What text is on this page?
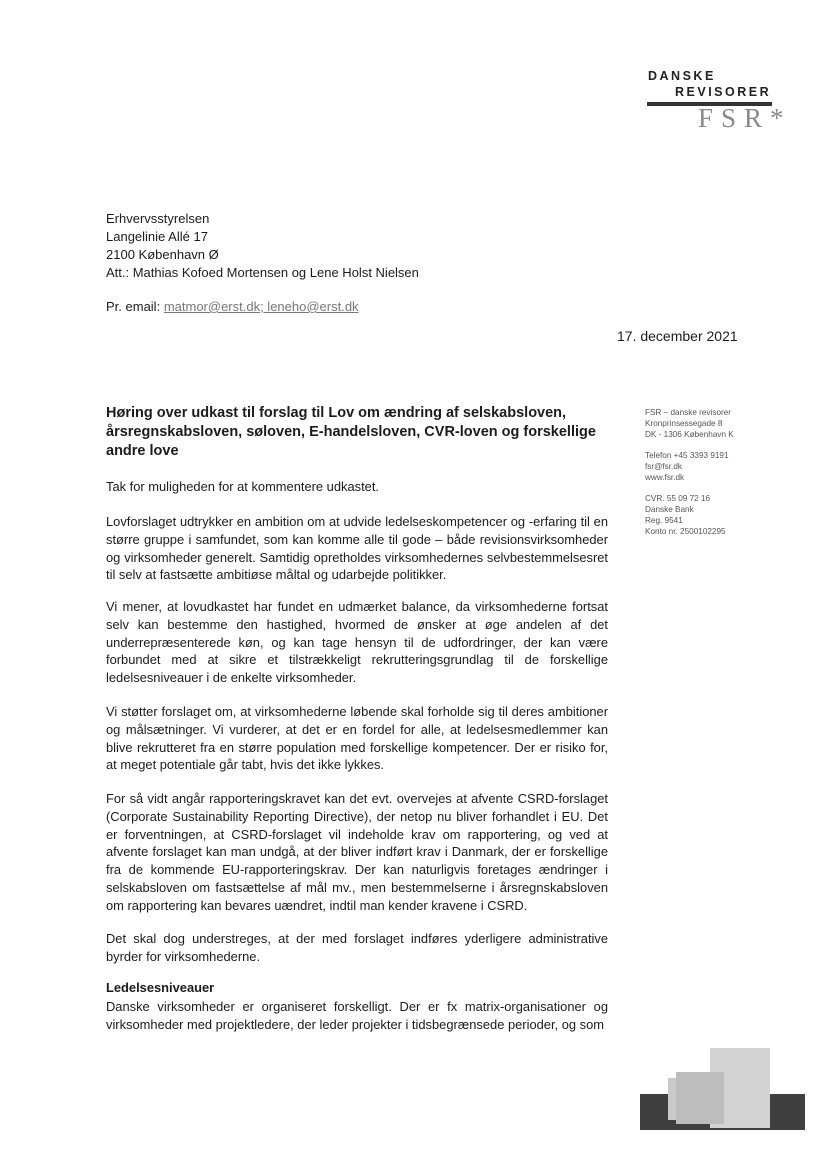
DANSKE
REVISORER
FSR*
Erhvervsstyrelsen
Langelinie Allé 17
2100 København Ø
Att.: Mathias Kofoed Mortensen og Lene Holst Nielsen
Pr. email: matmor@erst.dk; leneho@erst.dk
17. december 2021
FSR – danske revisorer
Kronprinsessegade 8
DK - 1306 København K
Telefon +45 3393 9191
fsr@fsr.dk
www.fsr.dk
CVR. 55 09 72 16
Danske Bank
Reg. 9541
Konto nr. 2500102295
Høring over udkast til forslag til Lov om ændring af selskabsloven, årsregnskabsloven, søloven, E-handelsloven, CVR-loven og forskellige andre love

Tak for muligheden for at kommentere udkastet.

Lovforslaget udtrykker en ambition om at udvide ledelseskompetencer og -erfaring til en større gruppe i samfundet, som kan komme alle til gode – både revisionsvirksomheder og virksomheder generelt. Samtidig opretholdes virksomhedernes selvbestemmelsesret til selv at fastsætte ambitiøse måltal og udarbejde politikker.

Vi mener, at lovudkastet har fundet en udmærket balance, da virksomhederne fortsat selv kan bestemme den hastighed, hvormed de ønsker at øge andelen af det underrepræsenterede køn, og kan tage hensyn til de udfordringer, der kan være forbundet med at sikre et tilstrækkeligt rekrutteringsgrundlag til de forskellige ledelsesniveauer i de enkelte virksomheder.

Vi støtter forslaget om, at virksomhederne løbende skal forholde sig til deres ambitioner og målsætninger. Vi vurderer, at det er en fordel for alle, at ledelsesmedlemmer kan blive rekrutteret fra en større population med forskellige kompetencer. Der er risiko for, at meget potentiale går tabt, hvis det ikke lykkes.

For så vidt angår rapporteringskravet kan det evt. overvejes at afvente CSRD-forslaget (Corporate Sustainability Reporting Directive), der netop nu bliver forhandlet i EU. Det er forventningen, at CSRD-forslaget vil indeholde krav om rapportering, og ved at afvente forslaget kan man undgå, at der bliver indført krav i Danmark, der er forskellige fra de kommende EU-rapporteringskrav. Der kan naturligvis foretages ændringer i selskabsloven om fastsættelse af mål mv., men bestemmelserne i årsregnskabsloven om rapportering kan bevares uændret, indtil man kender kravene i CSRD.

Det skal dog understreges, at der med forslaget indføres yderligere administrative byrder for virksomhederne.

Ledelsesniveauer

Danske virksomheder er organiseret forskelligt. Der er fx matrix-organisationer og virksomheder med projektledere, der leder projekter i tidsbegrænsede perioder, og som
